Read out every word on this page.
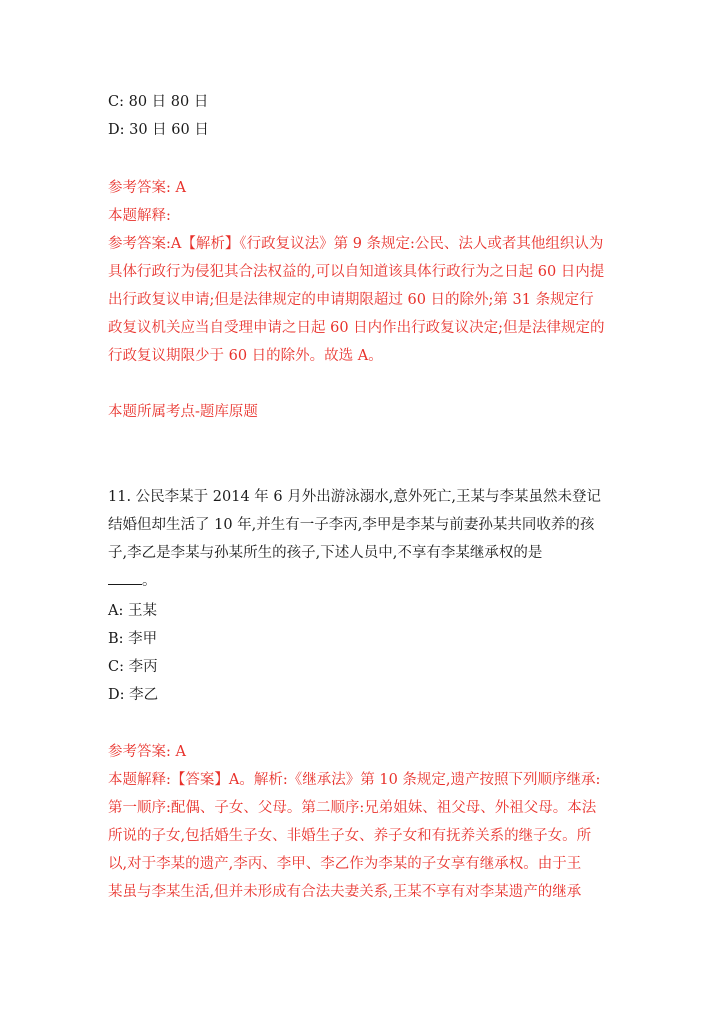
C: 80 日 80 日
D: 30 日 60 日
参考答案: A
本题解释:
参考答案:A【解析】《行政复议法》第 9 条规定:公民、法人或者其他组织认为
具体行政行为侵犯其合法权益的,可以自知道该具体行政行为之日起 60 日内提
出行政复议申请;但是法律规定的申请期限超过 60 日的除外;第 31 条规定行
政复议机关应当自受理申请之日起 60 日内作出行政复议决定;但是法律规定的
行政复议期限少于 60 日的除外。故选 A。
本题所属考点-题库原题
11. 公民李某于 2014 年 6 月外出游泳溺水,意外死亡,王某与李某虽然未登记
结婚但却生活了 10 年,并生有一子李丙,李甲是李某与前妻孙某共同收养的孩
子,李乙是李某与孙某所生的孩子,下述人员中,不享有李某继承权的是
。
A: 王某
B: 李甲
C: 李丙
D: 李乙
参考答案: A
本题解释:【答案】A。解析:《继承法》第 10 条规定,遗产按照下列顺序继承:
第一顺序:配偶、子女、父母。第二顺序:兄弟姐妹、祖父母、外祖父母。本法
所说的子女,包括婚生子女、非婚生子女、养子女和有抚养关系的继子女。所
以,对于李某的遗产,李丙、李甲、李乙作为李某的子女享有继承权。由于王
某虽与李某生活,但并未形成有合法夫妻关系,王某不享有对李某遗产的继承
